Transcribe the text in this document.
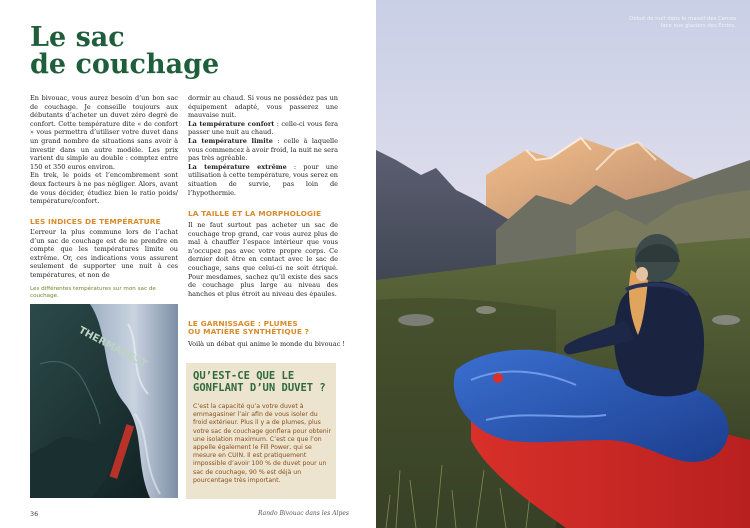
Le sac
de couchage

En bivouac, vous aurez besoin d’un bon sac de couchage. Je conseille toujours aux débutants d’acheter un duvet zéro degré de confort. Cette température dite « de confort » vous permettra d’utiliser votre duvet dans un grand nombre de situations sans avoir à investir dans un autre modèle. Les prix varient du simple au double : comptez entre 150 et 350 euros environ.

En trek, le poids et l’encombrement sont deux facteurs à ne pas négliger. Alors, avant de vous décider, étudiez bien le ratio poids/ température/confort.

LES INDICES DE TEMPÉRATURE

L’erreur la plus commune lors de l’achat d’un sac de couchage est de ne prendre en compte que les températures limite ou extrême. Or, ces indications vous assurent seulement de supporter une nuit à ces températures, et non de

Les différentes températures sur mon sac de couchage.
THERMAREST

dormir au chaud. Si vous ne possédez pas un équipement adapté, vous passerez une mauvaise nuit.

La température confort : celle-ci vous fera passer une nuit au chaud.

La température limite : celle à laquelle vous commencez à avoir froid, la nuit ne sera pas très agréable.

La température extrême : pour une utilisation à cette température, vous serez en situation de survie, pas loin de l’hypothermie.

LA TAILLE ET LA MORPHOLOGIE

Il ne faut surtout pas acheter un sac de couchage trop grand, car vous aurez plus de mal à chauffer l’espace intérieur que vous n’occupez pas avec votre propre corps. Ce dernier doit être en contact avec le sac de couchage, sans que celui-ci ne soit étriqué. Pour mesdames, sachez qu’il existe des sacs de couchage plus large au niveau des hanches et plus étroit au niveau des épaules.

LE GARNISSAGE : PLUMES
OU MATIÈRE SYNTHÉTIQUE ?

Voilà un débat qui anime le monde du bivouac !

QU’EST-CE QUE LE GONFLANT D’UN DUVET ?
C’est la capacité qu’a votre duvet à emmagasiner l’air afin de vous isoler du froid extérieur. Plus il y a de plumes, plus votre sac de couchage gonflera pour obtenir une isolation maximum. C’est ce que l’on appelle également le Fill Power, qui se mesure en CUIN. Il est pratiquement impossible d’avoir 100 % de duvet pour un sac de couchage, 90 % est déjà un pourcentage très important.
36	Rando Bivouac dans les Alpes
Début de nuit dans le massif des Cerces
face aux glaciers des Écrins.
